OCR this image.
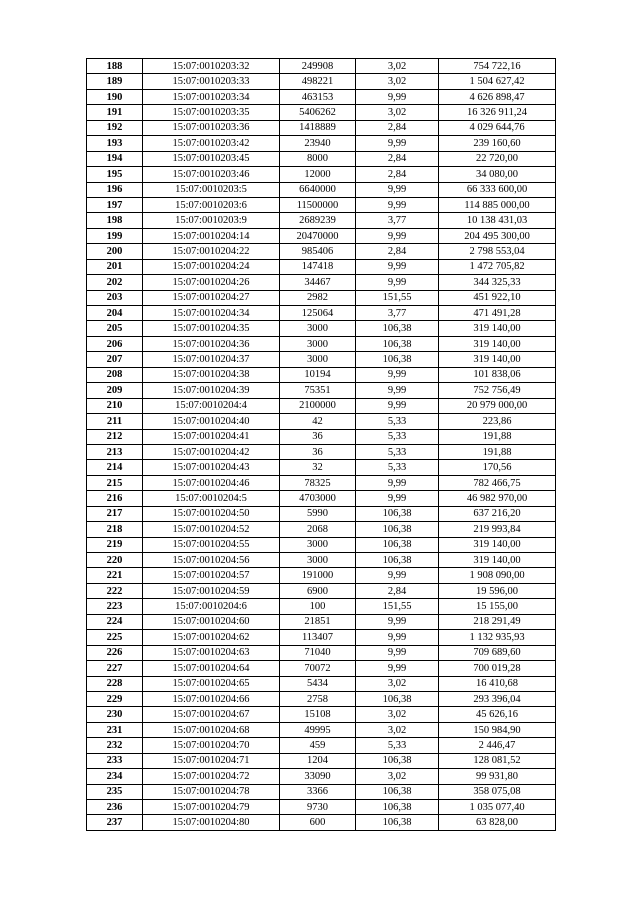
188	15:07:0010203:32	249908	3,02	754 722,16
189	15:07:0010203:33	498221	3,02	1 504 627,42
190	15:07:0010203:34	463153	9,99	4 626 898,47
191	15:07:0010203:35	5406262	3,02	16 326 911,24
192	15:07:0010203:36	1418889	2,84	4 029 644,76
193	15:07:0010203:42	23940	9,99	239 160,60
194	15:07:0010203:45	8000	2,84	22 720,00
195	15:07:0010203:46	12000	2,84	34 080,00
196	15:07:0010203:5	6640000	9,99	66 333 600,00
197	15:07:0010203:6	11500000	9,99	114 885 000,00
198	15:07:0010203:9	2689239	3,77	10 138 431,03
199	15:07:0010204:14	20470000	9,99	204 495 300,00
200	15:07:0010204:22	985406	2,84	2 798 553,04
201	15:07:0010204:24	147418	9,99	1 472 705,82
202	15:07:0010204:26	34467	9,99	344 325,33
203	15:07:0010204:27	2982	151,55	451 922,10
204	15:07:0010204:34	125064	3,77	471 491,28
205	15:07:0010204:35	3000	106,38	319 140,00
206	15:07:0010204:36	3000	106,38	319 140,00
207	15:07:0010204:37	3000	106,38	319 140,00
208	15:07:0010204:38	10194	9,99	101 838,06
209	15:07:0010204:39	75351	9,99	752 756,49
210	15:07:0010204:4	2100000	9,99	20 979 000,00
211	15:07:0010204:40	42	5,33	223,86
212	15:07:0010204:41	36	5,33	191,88
213	15:07:0010204:42	36	5,33	191,88
214	15:07:0010204:43	32	5,33	170,56
215	15:07:0010204:46	78325	9,99	782 466,75
216	15:07:0010204:5	4703000	9,99	46 982 970,00
217	15:07:0010204:50	5990	106,38	637 216,20
218	15:07:0010204:52	2068	106,38	219 993,84
219	15:07:0010204:55	3000	106,38	319 140,00
220	15:07:0010204:56	3000	106,38	319 140,00
221	15:07:0010204:57	191000	9,99	1 908 090,00
222	15:07:0010204:59	6900	2,84	19 596,00
223	15:07:0010204:6	100	151,55	15 155,00
224	15:07:0010204:60	21851	9,99	218 291,49
225	15:07:0010204:62	113407	9,99	1 132 935,93
226	15:07:0010204:63	71040	9,99	709 689,60
227	15:07:0010204:64	70072	9,99	700 019,28
228	15:07:0010204:65	5434	3,02	16 410,68
229	15:07:0010204:66	2758	106,38	293 396,04
230	15:07:0010204:67	15108	3,02	45 626,16
231	15:07:0010204:68	49995	3,02	150 984,90
232	15:07:0010204:70	459	5,33	2 446,47
233	15:07:0010204:71	1204	106,38	128 081,52
234	15:07:0010204:72	33090	3,02	99 931,80
235	15:07:0010204:78	3366	106,38	358 075,08
236	15:07:0010204:79	9730	106,38	1 035 077,40
237	15:07:0010204:80	600	106,38	63 828,00
